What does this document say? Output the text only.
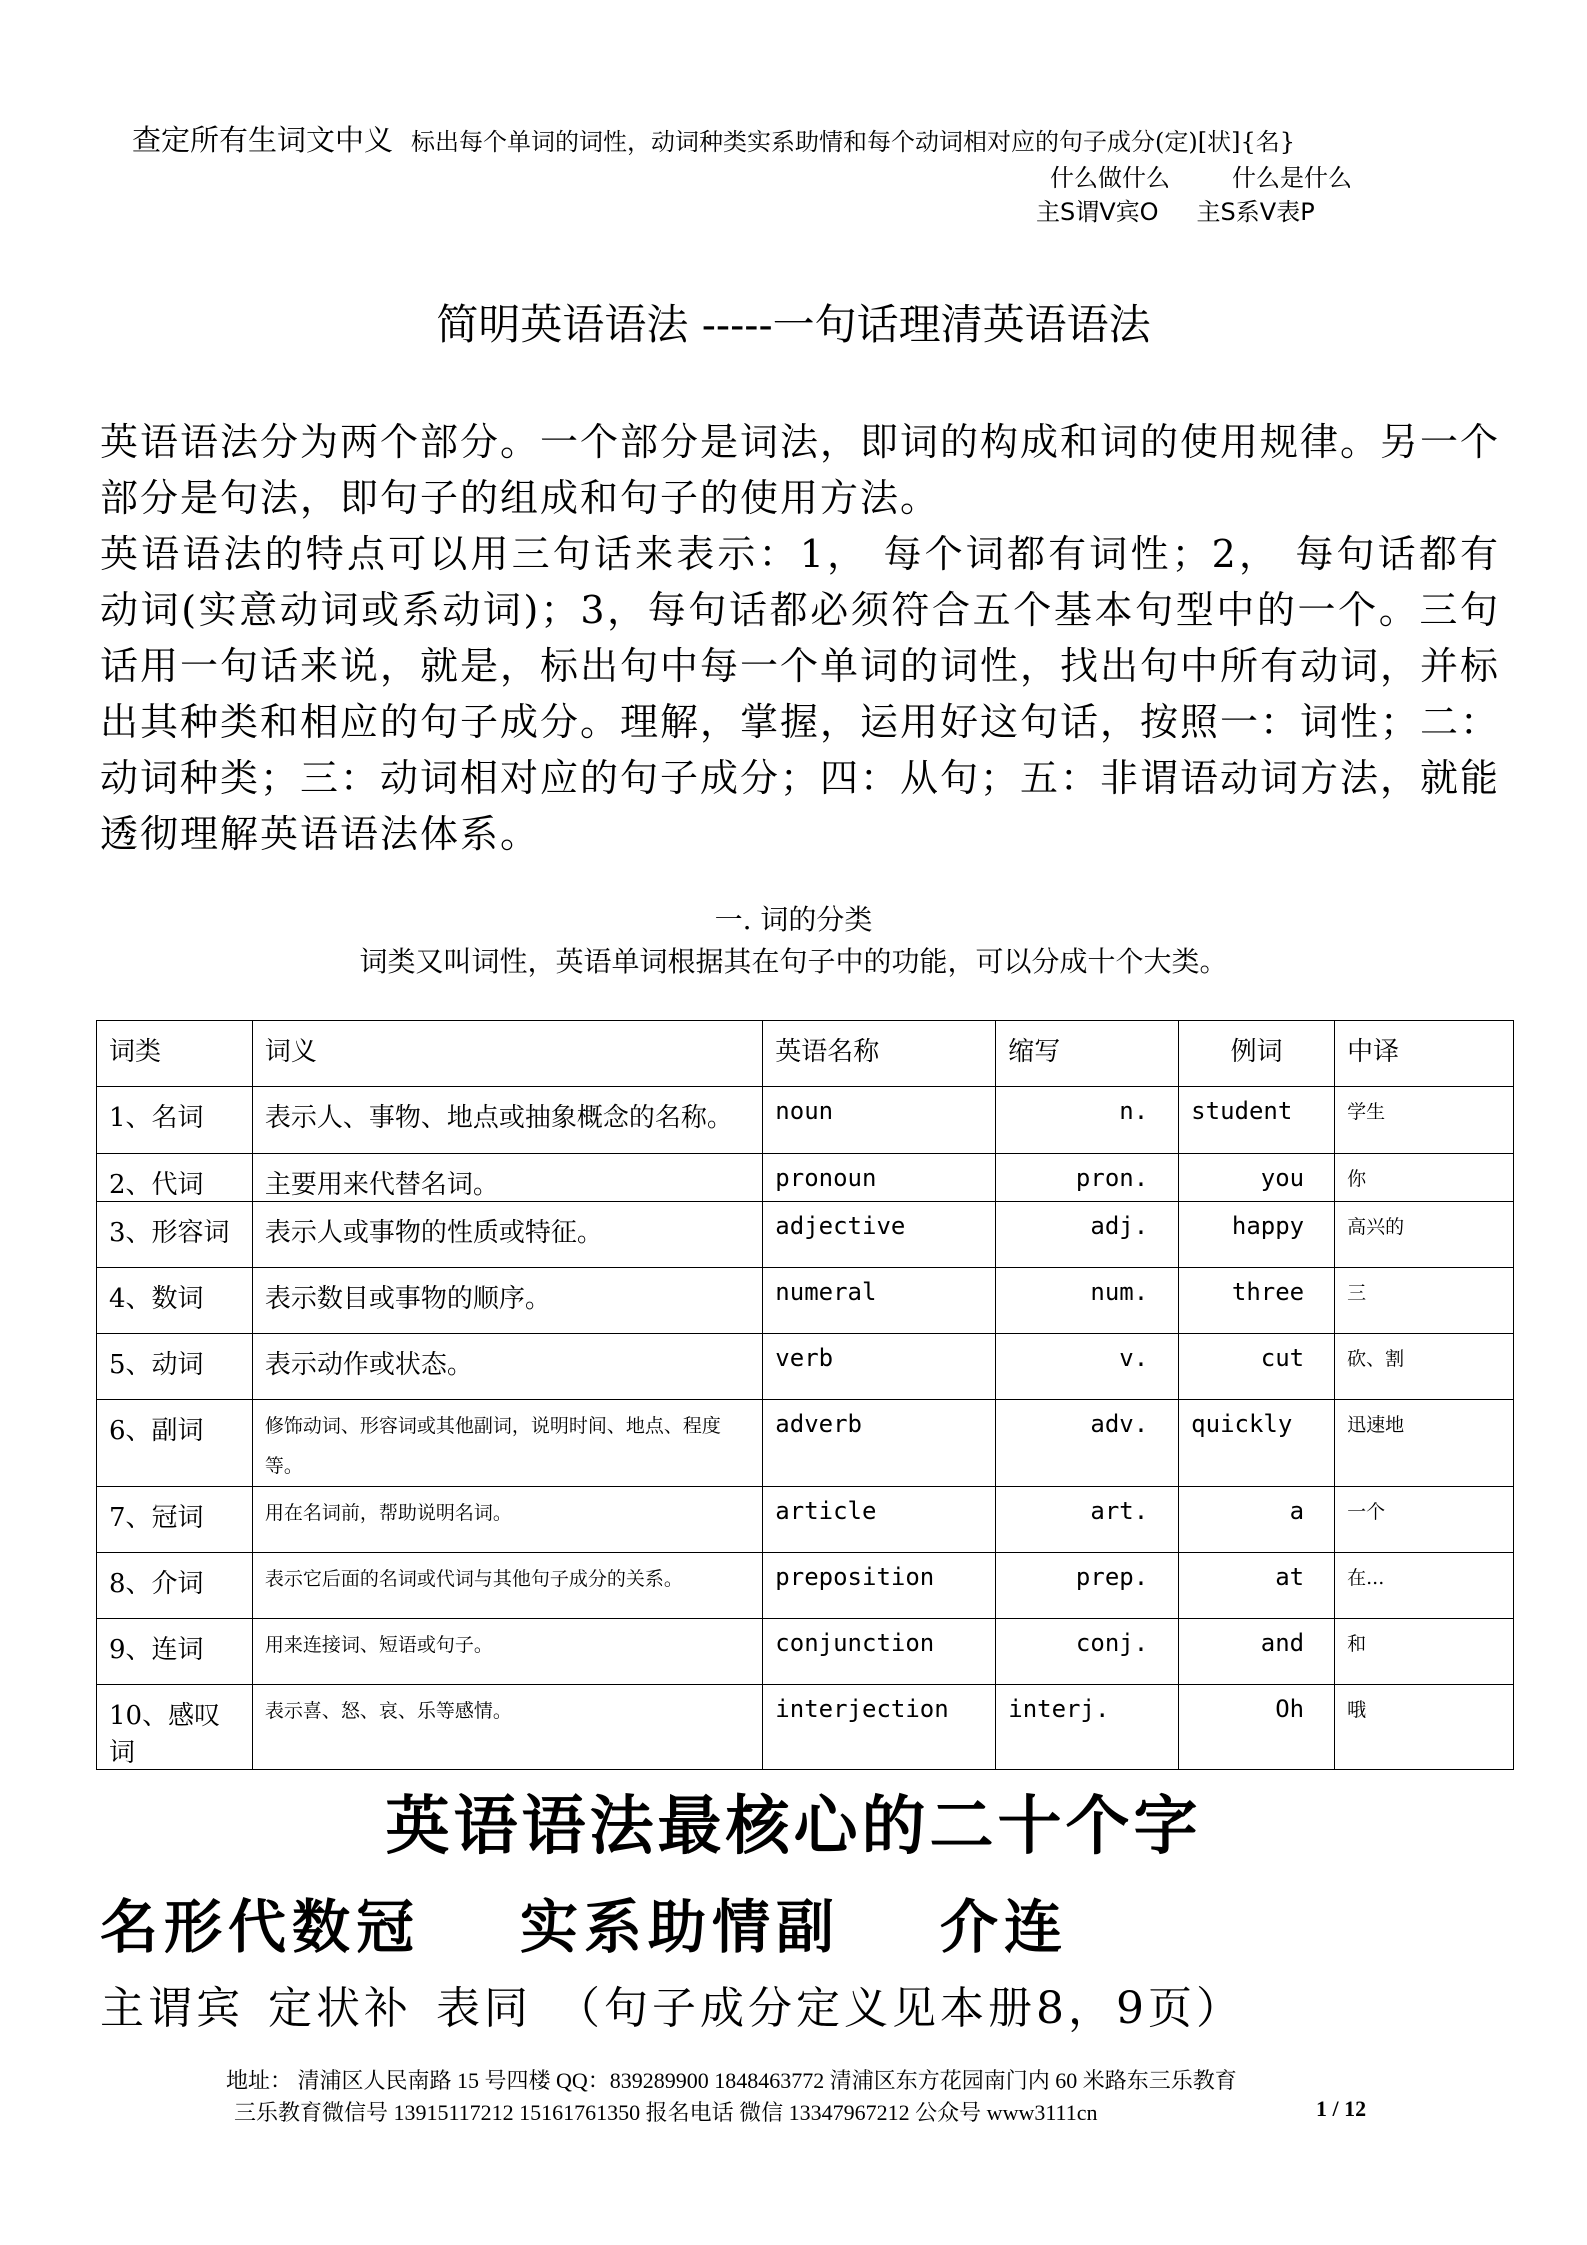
查定所有生词文中义 标出每个单词的词性，动词种类实系助情和每个动词相对应的句子成分(定)[状]{名}
什么做什么	什么是什么
主S谓V宾O 主S系V表P
简明英语语法 -----一句话理清英语语法

英语语法分为两个部分。一个部分是词法，即词的构成和词的使用规律。另一个部分是句法，即句子的组成和句子的使用方法。

英语语法的特点可以用三句话来表示：1， 每个词都有词性；2， 每句话都有动词(实意动词或系动词)；3，每句话都必须符合五个基本句型中的一个。三句话用一句话来说，就是，标出句中每一个单词的词性，找出句中所有动词，并标出其种类和相应的句子成分。理解，掌握，运用好这句话，按照一：词性；二：动词种类；三：动词相对应的句子成分；四：从句；五：非谓语动词方法，就能透彻理解英语语法体系。

一. 词的分类
词类又叫词性，英语单词根据其在句子中的功能，可以分成十个大类。
词类	词义	英语名称	缩写	例词	中译
1、名词	表示人、事物、地点或抽象概念的名称。	noun	n.	student	学生
2、代词	主要用来代替名词。	pronoun	pron.	you	你
3、形容词	表示人或事物的性质或特征。	adjective	adj.	happy	高兴的
4、数词	表示数目或事物的顺序。	numeral	num.	three	三
5、动词	表示动作或状态。	verb	v.	cut	砍、割
6、副词	修饰动词、形容词或其他副词，说明时间、地点、程度等。	adverb	adv.	quickly	迅速地
7、冠词	用在名词前，帮助说明名词。	article	art.	a	一个
8、介词	表示它后面的名词或代词与其他句子成分的关系。	preposition	prep.	at	在...
9、连词	用来连接词、短语或句子。	conjunction	conj.	and	和
10、感叹词	表示喜、怒、哀、乐等感情。	interjection	interj.	Oh	哦
英语语法最核心的二十个字
名形代数冠 实系助情副 介连
主谓宾 定状补 表同 （句子成分定义见本册8，9页）
地址： 清浦区人民南路 15 号四楼 QQ：839289900 1848463772 清浦区东方花园南门内 60 米路东三乐教育
三乐教育微信号 13915117212 15161761350 报名电话 微信 13347967212 公众号 www3111cn	1 / 12
